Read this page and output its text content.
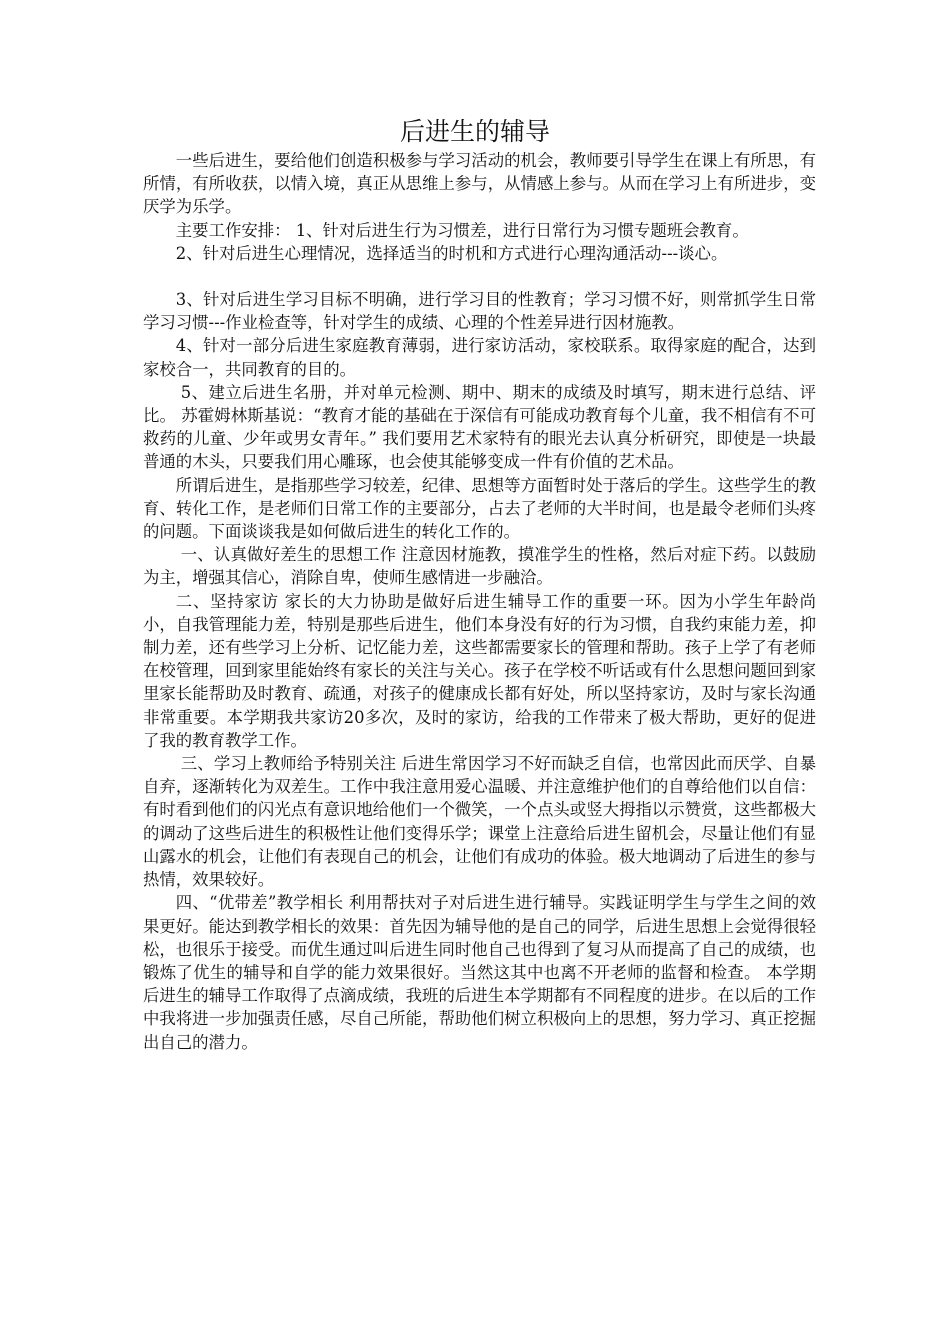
后进生的辅导

一些后进生，要给他们创造积极参与学习活动的机会，教师要引导学生在课上有所思，有所情，有所收获，以情入境，真正从思维上参与，从情感上参与。从而在学习上有所进步，变厌学为乐学。

主要工作安排： 1、针对后进生行为习惯差，进行日常行为习惯专题班会教育。

2、针对后进生心理情况，选择适当的时机和方式进行心理沟通活动---谈心。

3、针对后进生学习目标不明确，进行学习目的性教育；学习习惯不好，则常抓学生日常学习习惯---作业检查等，针对学生的成绩、心理的个性差异进行因材施教。

4、针对一部分后进生家庭教育薄弱，进行家访活动，家校联系。取得家庭的配合，达到家校合一，共同教育的目的。

5、建立后进生名册，并对单元检测、期中、期末的成绩及时填写，期末进行总结、评比。 苏霍姆林斯基说：“教育才能的基础在于深信有可能成功教育每个儿童，我不相信有不可救药的儿童、少年或男女青年。” 我们要用艺术家特有的眼光去认真分析研究，即使是一块最普通的木头，只要我们用心雕琢，也会使其能够变成一件有价值的艺术品。

所谓后进生，是指那些学习较差，纪律、思想等方面暂时处于落后的学生。这些学生的教育、转化工作，是老师们日常工作的主要部分，占去了老师的大半时间，也是最令老师们头疼的问题。下面谈谈我是如何做后进生的转化工作的。

一、认真做好差生的思想工作 注意因材施教，摸准学生的性格，然后对症下药。以鼓励为主，增强其信心，消除自卑，使师生感情进一步融洽。

二、坚持家访 家长的大力协助是做好后进生辅导工作的重要一环。因为小学生年龄尚小，自我管理能力差，特别是那些后进生，他们本身没有好的行为习惯，自我约束能力差，抑制力差，还有些学习上分析、记忆能力差，这些都需要家长的管理和帮助。孩子上学了有老师在校管理，回到家里能始终有家长的关注与关心。孩子在学校不听话或有什么思想问题回到家里家长能帮助及时教育、疏通，对孩子的健康成长都有好处，所以坚持家访，及时与家长沟通非常重要。本学期我共家访20多次，及时的家访，给我的工作带来了极大帮助，更好的促进了我的教育教学工作。

三、学习上教师给予特别关注 后进生常因学习不好而缺乏自信，也常因此而厌学、自暴自弃，逐渐转化为双差生。工作中我注意用爱心温暖、并注意维护他们的自尊给他们以自信：有时看到他们的闪光点有意识地给他们一个微笑，一个点头或竖大拇指以示赞赏，这些都极大的调动了这些后进生的积极性让他们变得乐学；课堂上注意给后进生留机会，尽量让他们有显山露水的机会，让他们有表现自己的机会，让他们有成功的体验。极大地调动了后进生的参与热情，效果较好。

四、“优带差”教学相长 利用帮扶对子对后进生进行辅导。实践证明学生与学生之间的效果更好。能达到教学相长的效果：首先因为辅导他的是自己的同学，后进生思想上会觉得很轻松，也很乐于接受。而优生通过叫后进生同时他自己也得到了复习从而提高了自己的成绩，也锻炼了优生的辅导和自学的能力效果很好。当然这其中也离不开老师的监督和检查。 本学期后进生的辅导工作取得了点滴成绩，我班的后进生本学期都有不同程度的进步。在以后的工作中我将进一步加强责任感，尽自己所能，帮助他们树立积极向上的思想，努力学习、真正挖掘出自己的潜力。
